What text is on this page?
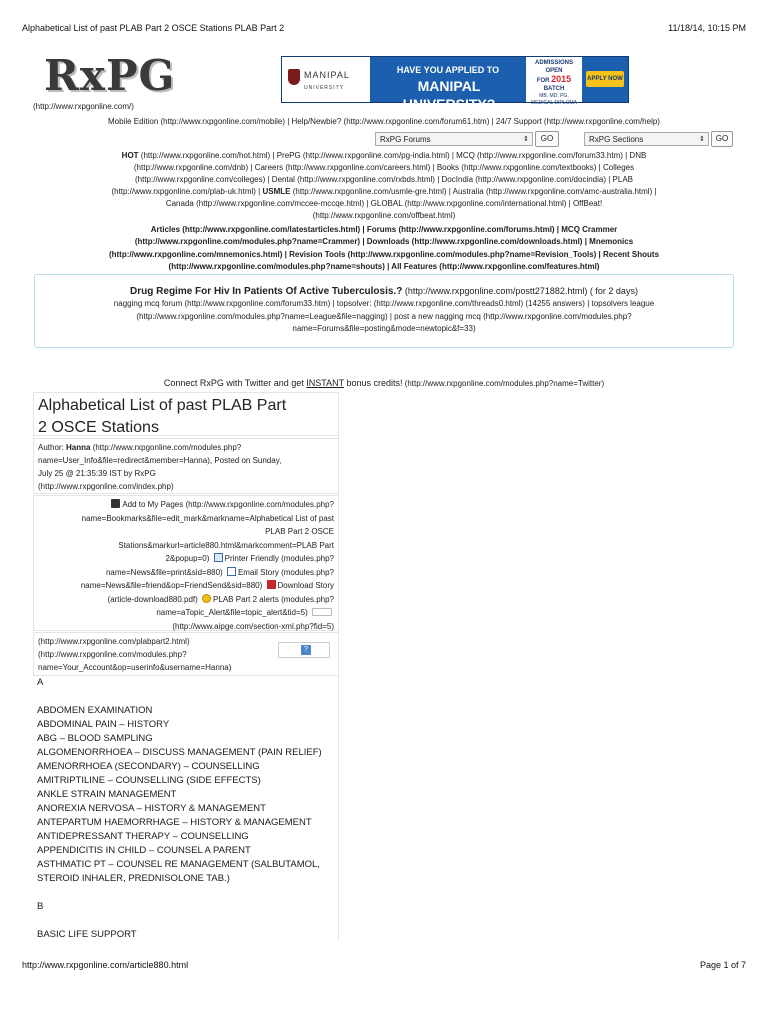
Alphabetical List of past PLAB Part 2 OSCE Stations PLAB Part 2	11/18/14, 10:15 PM
RxPG
(http://www.rxpgonline.com/)
MANIPAL
UNIVERSITY
HAVE YOU APPLIED TO
MANIPAL UNIVERSITY?
ADMISSIONS OPEN
FOR 2015 BATCH
MB, MD, PG,
MEDICAL DIPLOMA
APPLY NOW
Mobile Edition (http://www.rxpgonline.com/mobile) | Help/Newbie? (http://www.rxpgonline.com/forum61.htm) | 24/7 Support (http://www.rxpgonline.com/help)
RxPG Forums	⇕	GO	RxPG Sections	⇕	GO
HOT (http://www.rxpgonline.com/hot.html) | PrePG (http://www.rxpgonline.com/pg-india.html) | MCQ (http://www.rxpgonline.com/forum33.htm) | DNB
(http://www.rxpgonline.com/dnb) | Careers (http://www.rxpgonline.com/careers.html) | Books (http://www.rxpgonline.com/textbooks) | Colleges
(http://www.rxpgonline.com/colleges) | Dental (http://www.rxpgonline.com/rxbds.html) | DocIndia (http://www.rxpgonline.com/docindia) | PLAB
(http://www.rxpgonline.com/plab-uk.html) | USMLE (http://www.rxpgonline.com/usmle-gre.html) | Australia (http://www.rxpgonline.com/amc-australia.html) |
Canada (http://www.rxpgonline.com/mccee-mccqe.html) | GLOBAL (http://www.rxpgonline.com/international.html) | OffBeat!
(http://www.rxpgonline.com/offbeat.html)
Articles (http://www.rxpgonline.com/latestarticles.html) | Forums (http://www.rxpgonline.com/forums.html) | MCQ Crammer
(http://www.rxpgonline.com/modules.php?name=Crammer) | Downloads (http://www.rxpgonline.com/downloads.html) | Mnemonics
(http://www.rxpgonline.com/mnemonics.html) | Revision Tools (http://www.rxpgonline.com/modules.php?name=Revision_Tools) | Recent Shouts
(http://www.rxpgonline.com/modules.php?name=shouts) | All Features (http://www.rxpgonline.com/features.html)
Drug Regime For Hiv In Patients Of Active Tuberculosis.? (http://www.rxpgonline.com/postt271882.html) ( for 2 days)
nagging mcq forum (http://www.rxpgonline.com/forum33.htm) | topsolver: (http://www.rxpgonline.com/threads0.html) (14255 answers) | topsolvers league
(http://www.rxpgonline.com/modules.php?name=League&file=nagging) | post a new nagging mcq (http://www.rxpgonline.com/modules.php?
name=Forums&file=posting&mode=newtopic&f=33)
Connect RxPG with Twitter and get INSTANT bonus credits! (http://www.rxpgonline.com/modules.php?name=Twitter)
Alphabetical List of past PLAB Part
2 OSCE Stations
Author: Hanna (http://www.rxpgonline.com/modules.php?
name=User_Info&file=redirect&member=Hanna), Posted on Sunday,
July 25 @ 21:35:39 IST by RxPG
(http://www.rxpgonline.com/index.php)
Add to My Pages (http://www.rxpgonline.com/modules.php?
name=Bookmarks&file=edit_mark&markname=Alphabetical List of past
PLAB Part 2 OSCE
Stations&markurl=article880.html&markcomment=PLAB Part
2&popup=0) Printer Friendly (modules.php?
name=News&file=print&sid=880) Email Story (modules.php?
name=News&file=friend&op=FriendSend&sid=880) Download Story
(article-download880.pdf) PLAB Part 2 alerts (modules.php?
name=aTopic_Alert&file=topic_alert&tid=5)
(http://www.aipge.com/section-xml.php?fid=5)
(http://www.rxpgonline.com/plabpart2.html)
(http://www.rxpgonline.com/modules.php?
name=Your_Account&op=userinfo&username=Hanna)
?
A
ABDOMEN EXAMINATION
ABDOMINAL PAIN – HISTORY
ABG – BLOOD SAMPLING
ALGOMENORRHOEA – DISCUSS MANAGEMENT (PAIN RELIEF)
AMENORRHOEA (SECONDARY) – COUNSELLING
AMITRIPTILINE – COUNSELLING (SIDE EFFECTS)
ANKLE STRAIN MANAGEMENT
ANOREXIA NERVOSA – HISTORY & MANAGEMENT
ANTEPARTUM HAEMORRHAGE – HISTORY & MANAGEMENT
ANTIDEPRESSANT THERAPY – COUNSELLING
APPENDICITIS IN CHILD – COUNSEL A PARENT
ASTHMATIC PT – COUNSEL RE MANAGEMENT (SALBUTAMOL,
STEROID INHALER, PREDNISOLONE TAB.)
B
BASIC LIFE SUPPORT
http://www.rxpgonline.com/article880.html	Page 1 of 7
